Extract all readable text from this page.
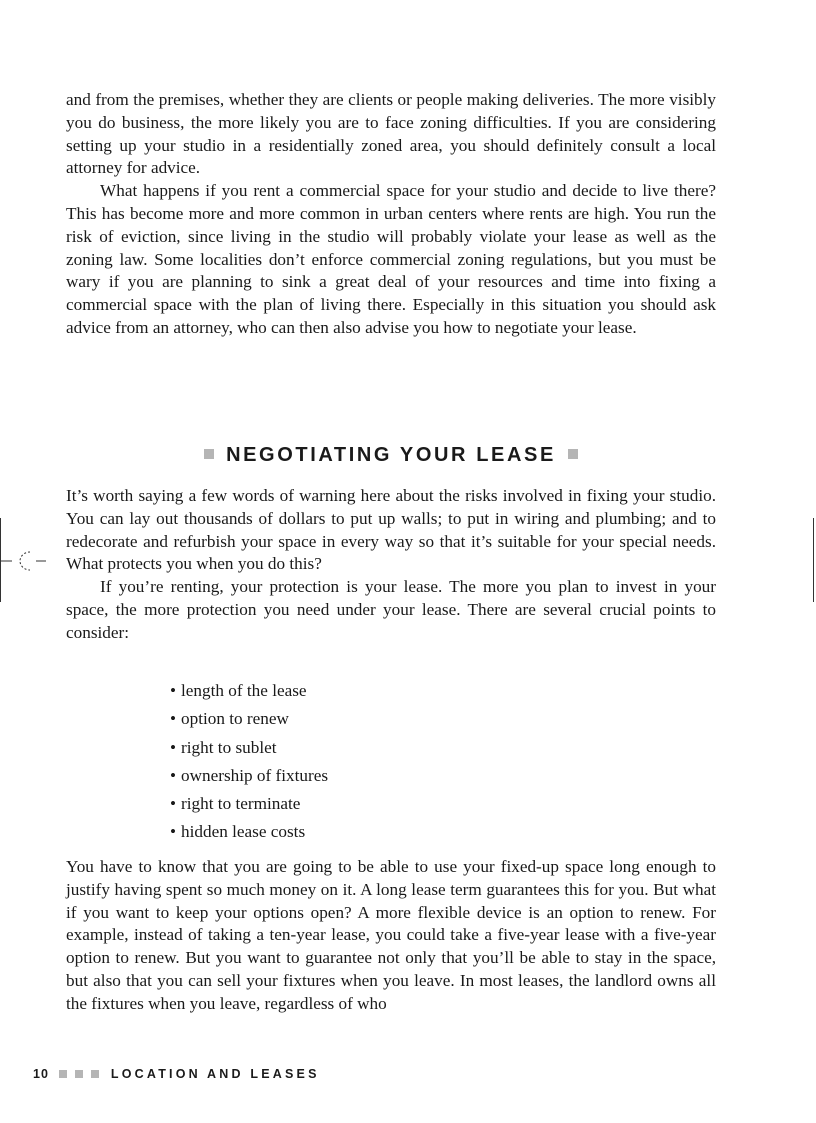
and from the premises, whether they are clients or people making deliveries. The more visibly you do business, the more likely you are to face zoning difficulties. If you are considering setting up your studio in a residentially zoned area, you should definitely consult a local attorney for advice.

What happens if you rent a commercial space for your studio and decide to live there? This has become more and more common in urban centers where rents are high. You run the risk of eviction, since living in the studio will probably violate your lease as well as the zoning law. Some localities don’t enforce commercial zoning regulations, but you must be wary if you are planning to sink a great deal of your resources and time into fixing a commercial space with the plan of living there. Especially in this situation you should ask advice from an attorney, who can then also advise you how to negotiate your lease.

NEGOTIATING YOUR LEASE

It’s worth saying a few words of warning here about the risks involved in fixing your studio. You can lay out thousands of dollars to put up walls; to put in wiring and plumbing; and to redecorate and refurbish your space in every way so that it’s suitable for your special needs. What protects you when you do this?

If you’re renting, your protection is your lease. The more you plan to invest in your space, the more protection you need under your lease. There are several crucial points to consider:

• length of the lease
• option to renew
• right to sublet
• ownership of fixtures
• right to terminate
• hidden lease costs

You have to know that you are going to be able to use your fixed-up space long enough to justify having spent so much money on it. A long lease term guarantees this for you. But what if you want to keep your options open? A more flexible device is an option to renew. For example, instead of taking a ten-year lease, you could take a five-year lease with a five-year option to renew. But you want to guarantee not only that you’ll be able to stay in the space, but also that you can sell your fixtures when you leave. In most leases, the landlord owns all the fixtures when you leave, regardless of who

10	LOCATION AND LEASES
